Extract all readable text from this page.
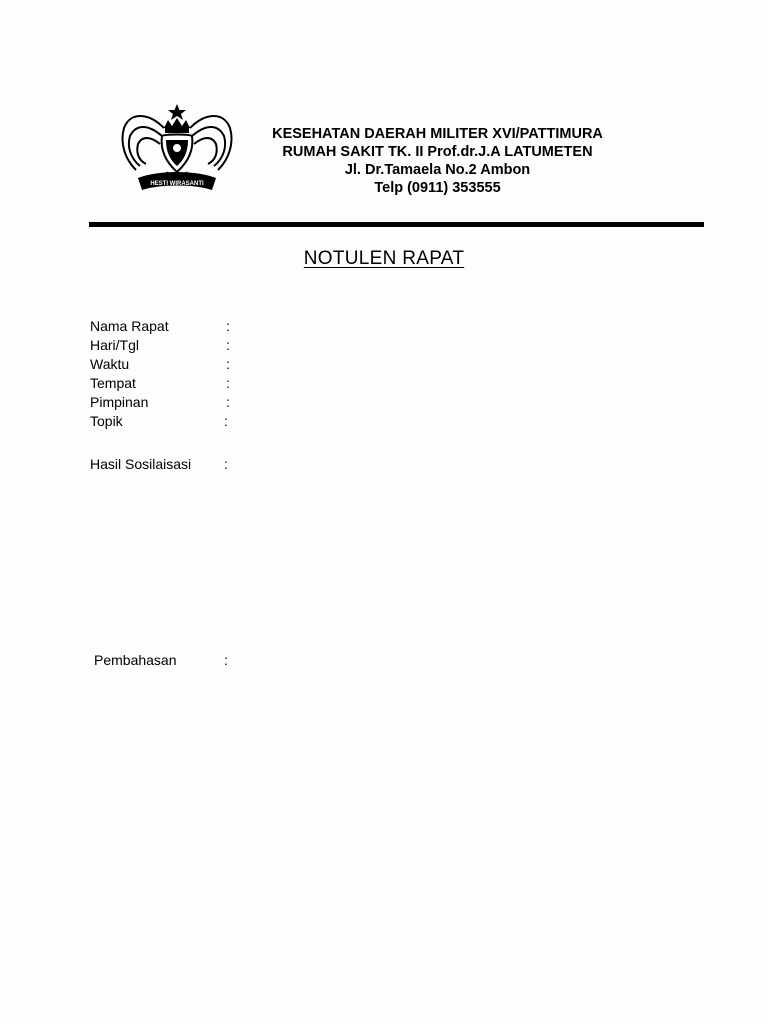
HESTI WIRASANTI
KESEHATAN DAERAH MILITER XVI/PATTIMURA
RUMAH SAKIT TK. II Prof.dr.J.A LATUMETEN
Jl. Dr.Tamaela No.2 Ambon
Telp (0911) 353555
NOTULEN RAPAT
Nama Rapat	:
Hari/Tgl	:
Waktu	:
Tempat	:
Pimpinan	:
Topik	:
Hasil Sosilaisasi :
Pembahasan	:
